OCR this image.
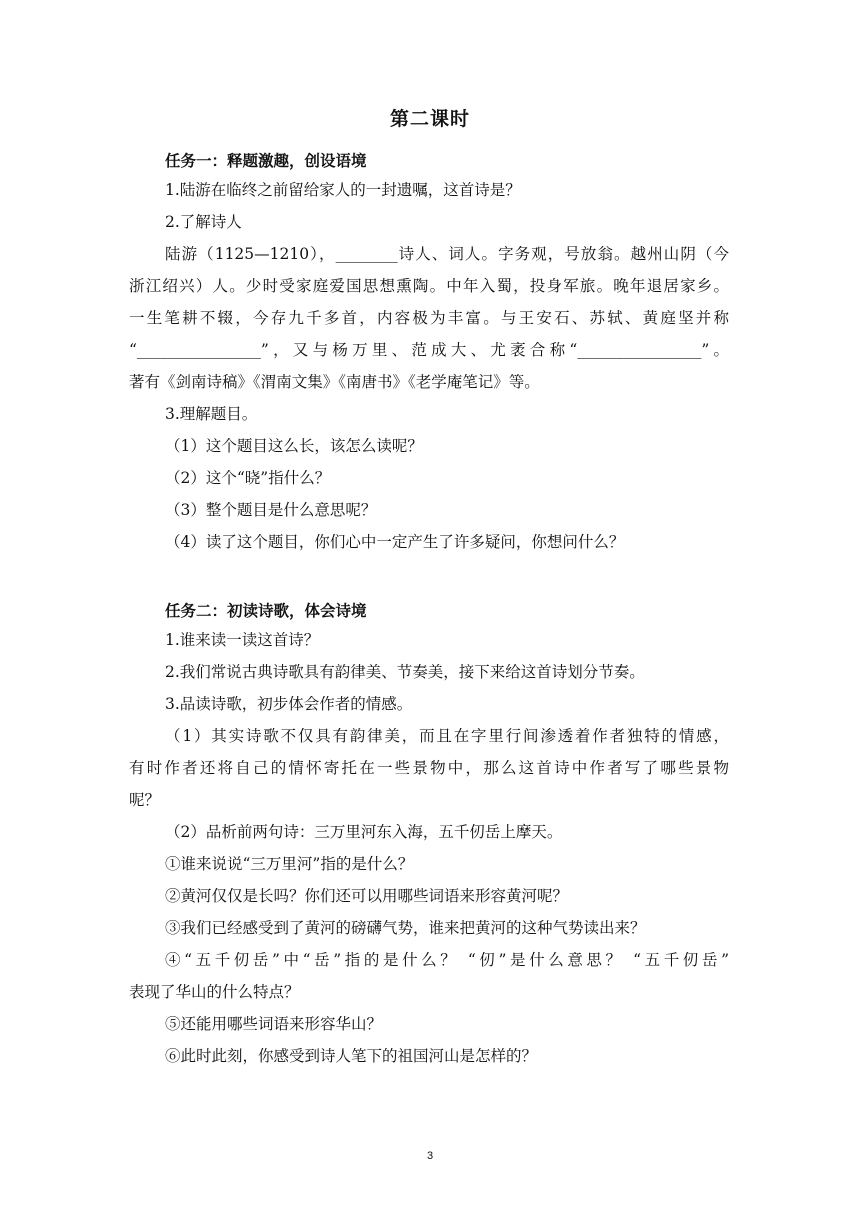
第二课时

任务一：释题激趣，创设语境

1.陆游在临终之前留给家人的一封遗嘱，这首诗是？

2.了解诗人

陆游（1125—1210），________诗人、词人。字务观，号放翁。越州山阴（今

浙江绍兴）人。少时受家庭爱国思想熏陶。中年入蜀，投身军旅。晚年退居家乡。

一生笔耕不辍，今存九千多首，内容极为丰富。与王安石、苏轼、黄庭坚并称

“________________”，又与杨万里、范成大、尤袤合称“________________”。

著有《剑南诗稿》《渭南文集》《南唐书》《老学庵笔记》等。

3.理解题目。

（1）这个题目这么长，该怎么读呢？

（2）这个“晓”指什么？

（3）整个题目是什么意思呢？

（4）读了这个题目，你们心中一定产生了许多疑问，你想问什么？

任务二：初读诗歌，体会诗境

1.谁来读一读这首诗？

2.我们常说古典诗歌具有韵律美、节奏美，接下来给这首诗划分节奏。

3.品读诗歌，初步体会作者的情感。

（1）其实诗歌不仅具有韵律美，而且在字里行间渗透着作者独特的情感，

有时作者还将自己的情怀寄托在一些景物中，那么这首诗中作者写了哪些景物

呢？

（2）品析前两句诗：三万里河东入海，五千仞岳上摩天。

①谁来说说“三万里河”指的是什么？

②黄河仅仅是长吗？你们还可以用哪些词语来形容黄河呢？

③我们已经感受到了黄河的磅礴气势，谁来把黄河的这种气势读出来？

④“五千仞岳”中“岳”指的是什么？ “仞”是什么意思？ “五千仞岳”

表现了华山的什么特点？

⑤还能用哪些词语来形容华山？

⑥此时此刻，你感受到诗人笔下的祖国河山是怎样的？

3
